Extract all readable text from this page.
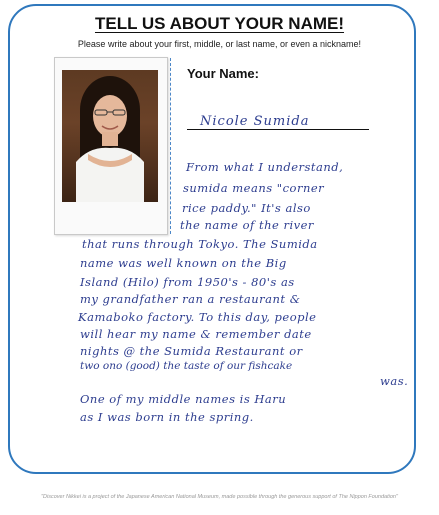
TELL US ABOUT YOUR NAME!
Please write about your first, middle, or last name, or even a nickname!
Your Name:
Nicole Sumida
From what I understand,
sumida means "corner
rice paddy." It's also
the name of the river
that runs through Tokyo. The Sumida
name was well known on the Big
Island (Hilo) from 1950's - 80's as
my grandfather ran a restaurant &
Kamaboko factory. To this day, people
will hear my name & remember date
nights @ the Sumida Restaurant or
two ono (good) the taste of our fishcake
was.
One of my middle names is Haru
as I was born in the spring.
"Discover Nikkei is a project of the Japanese American National Museum, made possible through the generous support of The Nippon Foundation"
